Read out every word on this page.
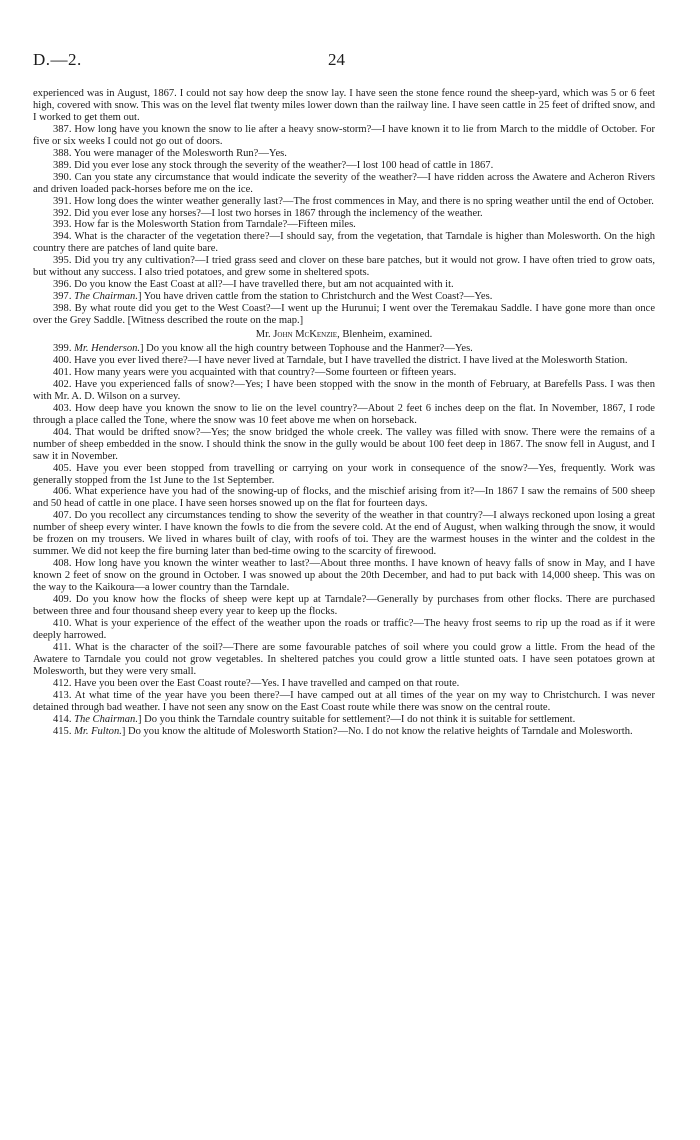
D.—2.	24

experienced was in August, 1867. I could not say how deep the snow lay. I have seen the stone fence round the sheep-yard, which was 5 or 6 feet high, covered with snow. This was on the level flat twenty miles lower down than the railway line. I have seen cattle in 25 feet of drifted snow, and I worked to get them out.

387. How long have you known the snow to lie after a heavy snow-storm?—I have known it to lie from March to the middle of October. For five or six weeks I could not go out of doors.

388. You were manager of the Molesworth Run?—Yes.

389. Did you ever lose any stock through the severity of the weather?—I lost 100 head of cattle in 1867.

390. Can you state any circumstance that would indicate the severity of the weather?—I have ridden across the Awatere and Acheron Rivers and driven loaded pack-horses before me on the ice.

391. How long does the winter weather generally last?—The frost commences in May, and there is no spring weather until the end of October.

392. Did you ever lose any horses?—I lost two horses in 1867 through the inclemency of the weather.

393. How far is the Molesworth Station from Tarndale?—Fifteen miles.

394. What is the character of the vegetation there?—I should say, from the vegetation, that Tarndale is higher than Molesworth. On the high country there are patches of land quite bare.

395. Did you try any cultivation?—I tried grass seed and clover on these bare patches, but it would not grow. I have often tried to grow oats, but without any success. I also tried potatoes, and grew some in sheltered spots.

396. Do you know the East Coast at all?—I have travelled there, but am not acquainted with it.

397. The Chairman.] You have driven cattle from the station to Christchurch and the West Coast?—Yes.

398. By what route did you get to the West Coast?—I went up the Hurunui; I went over the Teremakau Saddle. I have gone more than once over the Grey Saddle. [Witness described the route on the map.]

Mr. John McKenzie, Blenheim, examined.

399. Mr. Henderson.] Do you know all the high country between Tophouse and the Hanmer?—Yes.

400. Have you ever lived there?—I have never lived at Tarndale, but I have travelled the district. I have lived at the Molesworth Station.

401. How many years were you acquainted with that country?—Some fourteen or fifteen years.

402. Have you experienced falls of snow?—Yes; I have been stopped with the snow in the month of February, at Barefells Pass. I was then with Mr. A. D. Wilson on a survey.

403. How deep have you known the snow to lie on the level country?—About 2 feet 6 inches deep on the flat. In November, 1867, I rode through a place called the Tone, where the snow was 10 feet above me when on horseback.

404. That would be drifted snow?—Yes; the snow bridged the whole creek. The valley was filled with snow. There were the remains of a number of sheep embedded in the snow. I should think the snow in the gully would be about 100 feet deep in 1867. The snow fell in August, and I saw it in November.

405. Have you ever been stopped from travelling or carrying on your work in consequence of the snow?—Yes, frequently. Work was generally stopped from the 1st June to the 1st September.

406. What experience have you had of the snowing-up of flocks, and the mischief arising from it?—In 1867 I saw the remains of 500 sheep and 50 head of cattle in one place. I have seen horses snowed up on the flat for fourteen days.

407. Do you recollect any circumstances tending to show the severity of the weather in that country?—I always reckoned upon losing a great number of sheep every winter. I have known the fowls to die from the severe cold. At the end of August, when walking through the snow, it would be frozen on my trousers. We lived in whares built of clay, with roofs of toi. They are the warmest houses in the winter and the coldest in the summer. We did not keep the fire burning later than bed-time owing to the scarcity of firewood.

408. How long have you known the winter weather to last?—About three months. I have known of heavy falls of snow in May, and I have known 2 feet of snow on the ground in October. I was snowed up about the 20th December, and had to put back with 14,000 sheep. This was on the way to the Kaikoura—a lower country than the Tarndale.

409. Do you know how the flocks of sheep were kept up at Tarndale?—Generally by purchases from other flocks. There are purchased between three and four thousand sheep every year to keep up the flocks.

410. What is your experience of the effect of the weather upon the roads or traffic?—The heavy frost seems to rip up the road as if it were deeply harrowed.

411. What is the character of the soil?—There are some favourable patches of soil where you could grow a little. From the head of the Awatere to Tarndale you could not grow vegetables. In sheltered patches you could grow a little stunted oats. I have seen potatoes grown at Molesworth, but they were very small.

412. Have you been over the East Coast route?—Yes. I have travelled and camped on that route.

413. At what time of the year have you been there?—I have camped out at all times of the year on my way to Christchurch. I was never detained through bad weather. I have not seen any snow on the East Coast route while there was snow on the central route.

414. The Chairman.] Do you think the Tarndale country suitable for settlement?—I do not think it is suitable for settlement.

415. Mr. Fulton.] Do you know the altitude of Molesworth Station?—No. I do not know the relative heights of Tarndale and Molesworth.
